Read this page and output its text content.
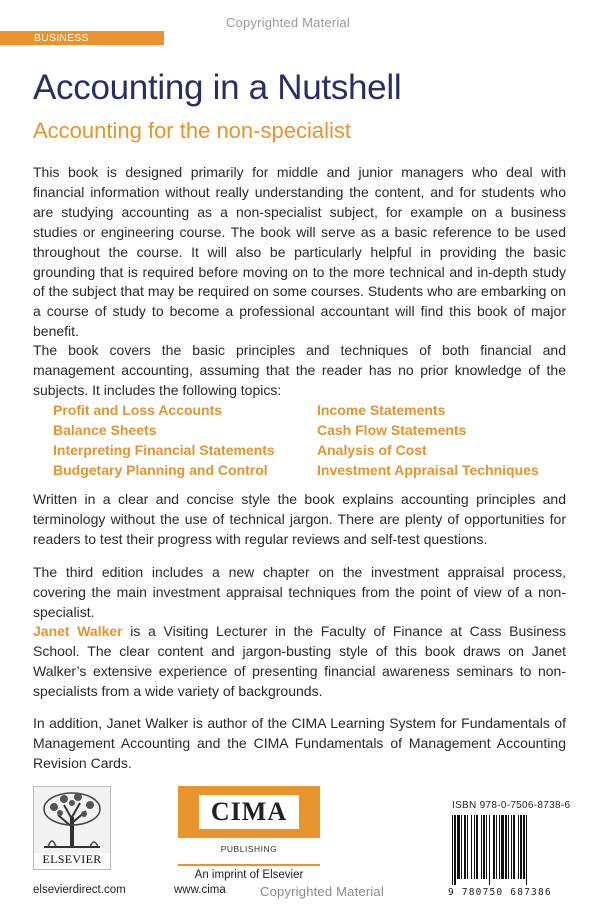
Copyrighted Material
BUSINESS MANAGEMENT
Accounting in a Nutshell
Accounting for the non-specialist

This book is designed primarily for middle and junior managers who deal with financial information without really understanding the content, and for students who are studying accounting as a non-specialist subject, for example on a business studies or engineering course. The book will serve as a basic reference to be used throughout the course. It will also be particularly helpful in providing the basic grounding that is required before moving on to the more technical and in-depth study of the subject that may be required on some courses. Students who are embarking on a course of study to become a professional accountant will find this book of major benefit.

The book covers the basic principles and techniques of both financial and management accounting, assuming that the reader has no prior knowledge of the subjects. It includes the following topics:

Profit and Loss Accounts	Income Statements
Balance Sheets	Cash Flow Statements
Interpreting Financial Statements	Analysis of Cost
Budgetary Planning and Control	Investment Appraisal Techniques

Written in a clear and concise style the book explains accounting principles and terminology without the use of technical jargon. There are plenty of opportunities for readers to test their progress with regular reviews and self-test questions.

The third edition includes a new chapter on the investment appraisal process, covering the main investment appraisal techniques from the point of view of a non-specialist.

Janet Walker is a Visiting Lecturer in the Faculty of Finance at Cass Business School. The clear content and jargon-busting style of this book draws on Janet Walker’s extensive experience of presenting financial awareness seminars to non-specialists from a wide variety of backgrounds.

In addition, Janet Walker is author of the CIMA Learning System for Fundamentals of Management Accounting and the CIMA Fundamentals of Management Accounting Revision Cards.

ELSEVIER
elsevierdirect.com
CIMA
PUBLISHING
An imprint of Elsevier
www.cima	Copyrighted Material
ISBN 978-0-7506-8738-6
9 780750 687386
